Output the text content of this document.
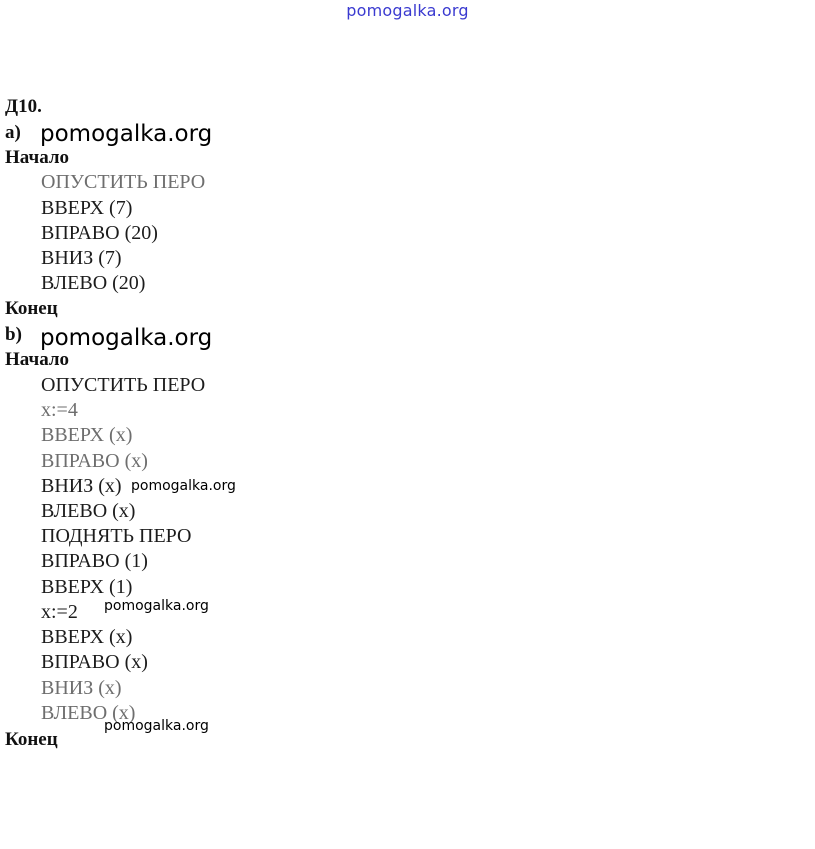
pomogalka.org
Д10.
a)
Начало
ОПУСТИТЬ ПЕРО
ВВЕРХ (7)
ВПРАВО (20)
ВНИЗ (7)
ВЛЕВО (20)
Конец
b)
Начало
ОПУСТИТЬ ПЕРО
x:=4
ВВЕРХ (x)
ВПРАВО (x)
ВНИЗ (x)
ВЛЕВО (x)
ПОДНЯТЬ ПЕРО
ВПРАВО (1)
ВВЕРХ (1)
x:=2
ВВЕРХ (x)
ВПРАВО (x)
ВНИЗ (x)
ВЛЕВО (x)
Конец
pomogalka.org
pomogalka.org
pomogalka.org
pomogalka.org
pomogalka.org
